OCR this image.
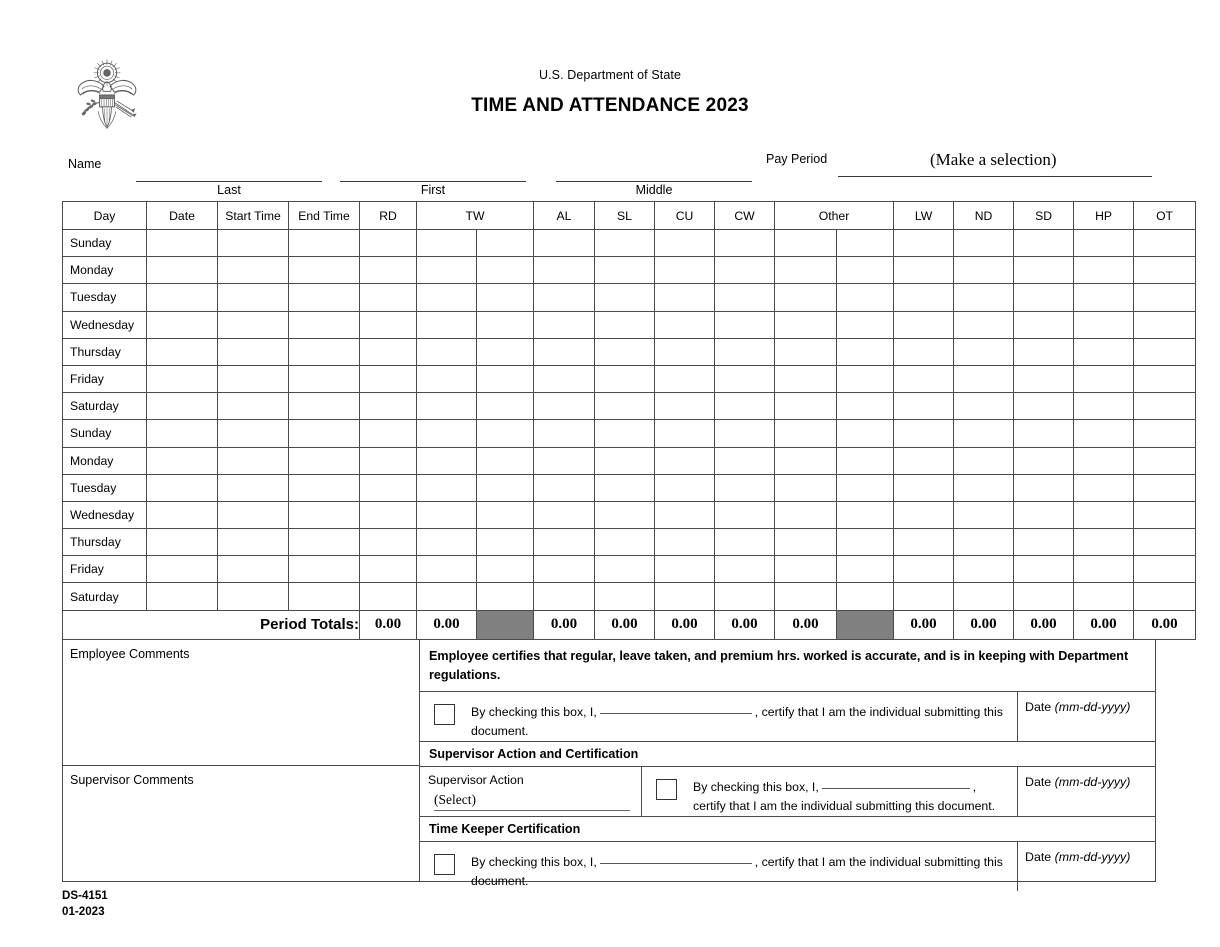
U.S. Department of State
TIME AND ATTENDANCE 2023
Name
Last	First	Middle
Pay Period	(Make a selection)
Day	Date	Start Time	End Time	RD	TW		AL	SL	CU	CW	Other		LW	ND	SD	HP	OT
Sunday																	
Monday																	
Tuesday																	
Wednesday																	
Thursday																	
Friday																	
Saturday																	
Sunday																	
Monday																	
Tuesday																	
Wednesday																	
Thursday																	
Friday																	
Saturday																	
Period Totals:				0.00	0.00		0.00	0.00	0.00	0.00	0.00		0.00	0.00	0.00	0.00	0.00
Employee Comments
Supervisor Comments
Employee certifies that regular, leave taken, and premium hrs. worked is accurate, and is in keeping with Department regulations.
By checking this box, I,	, certify that I am the individual submitting this document.
Date (mm-dd-yyyy)
Supervisor Action and Certification
Supervisor Action
(Select)
By checking this box, I,	, certify that I am the individual submitting this document.
Date (mm-dd-yyyy)
Time Keeper Certification
By checking this box, I,	, certify that I am the individual submitting this document.
Date (mm-dd-yyyy)
DS-4151
01-2023
